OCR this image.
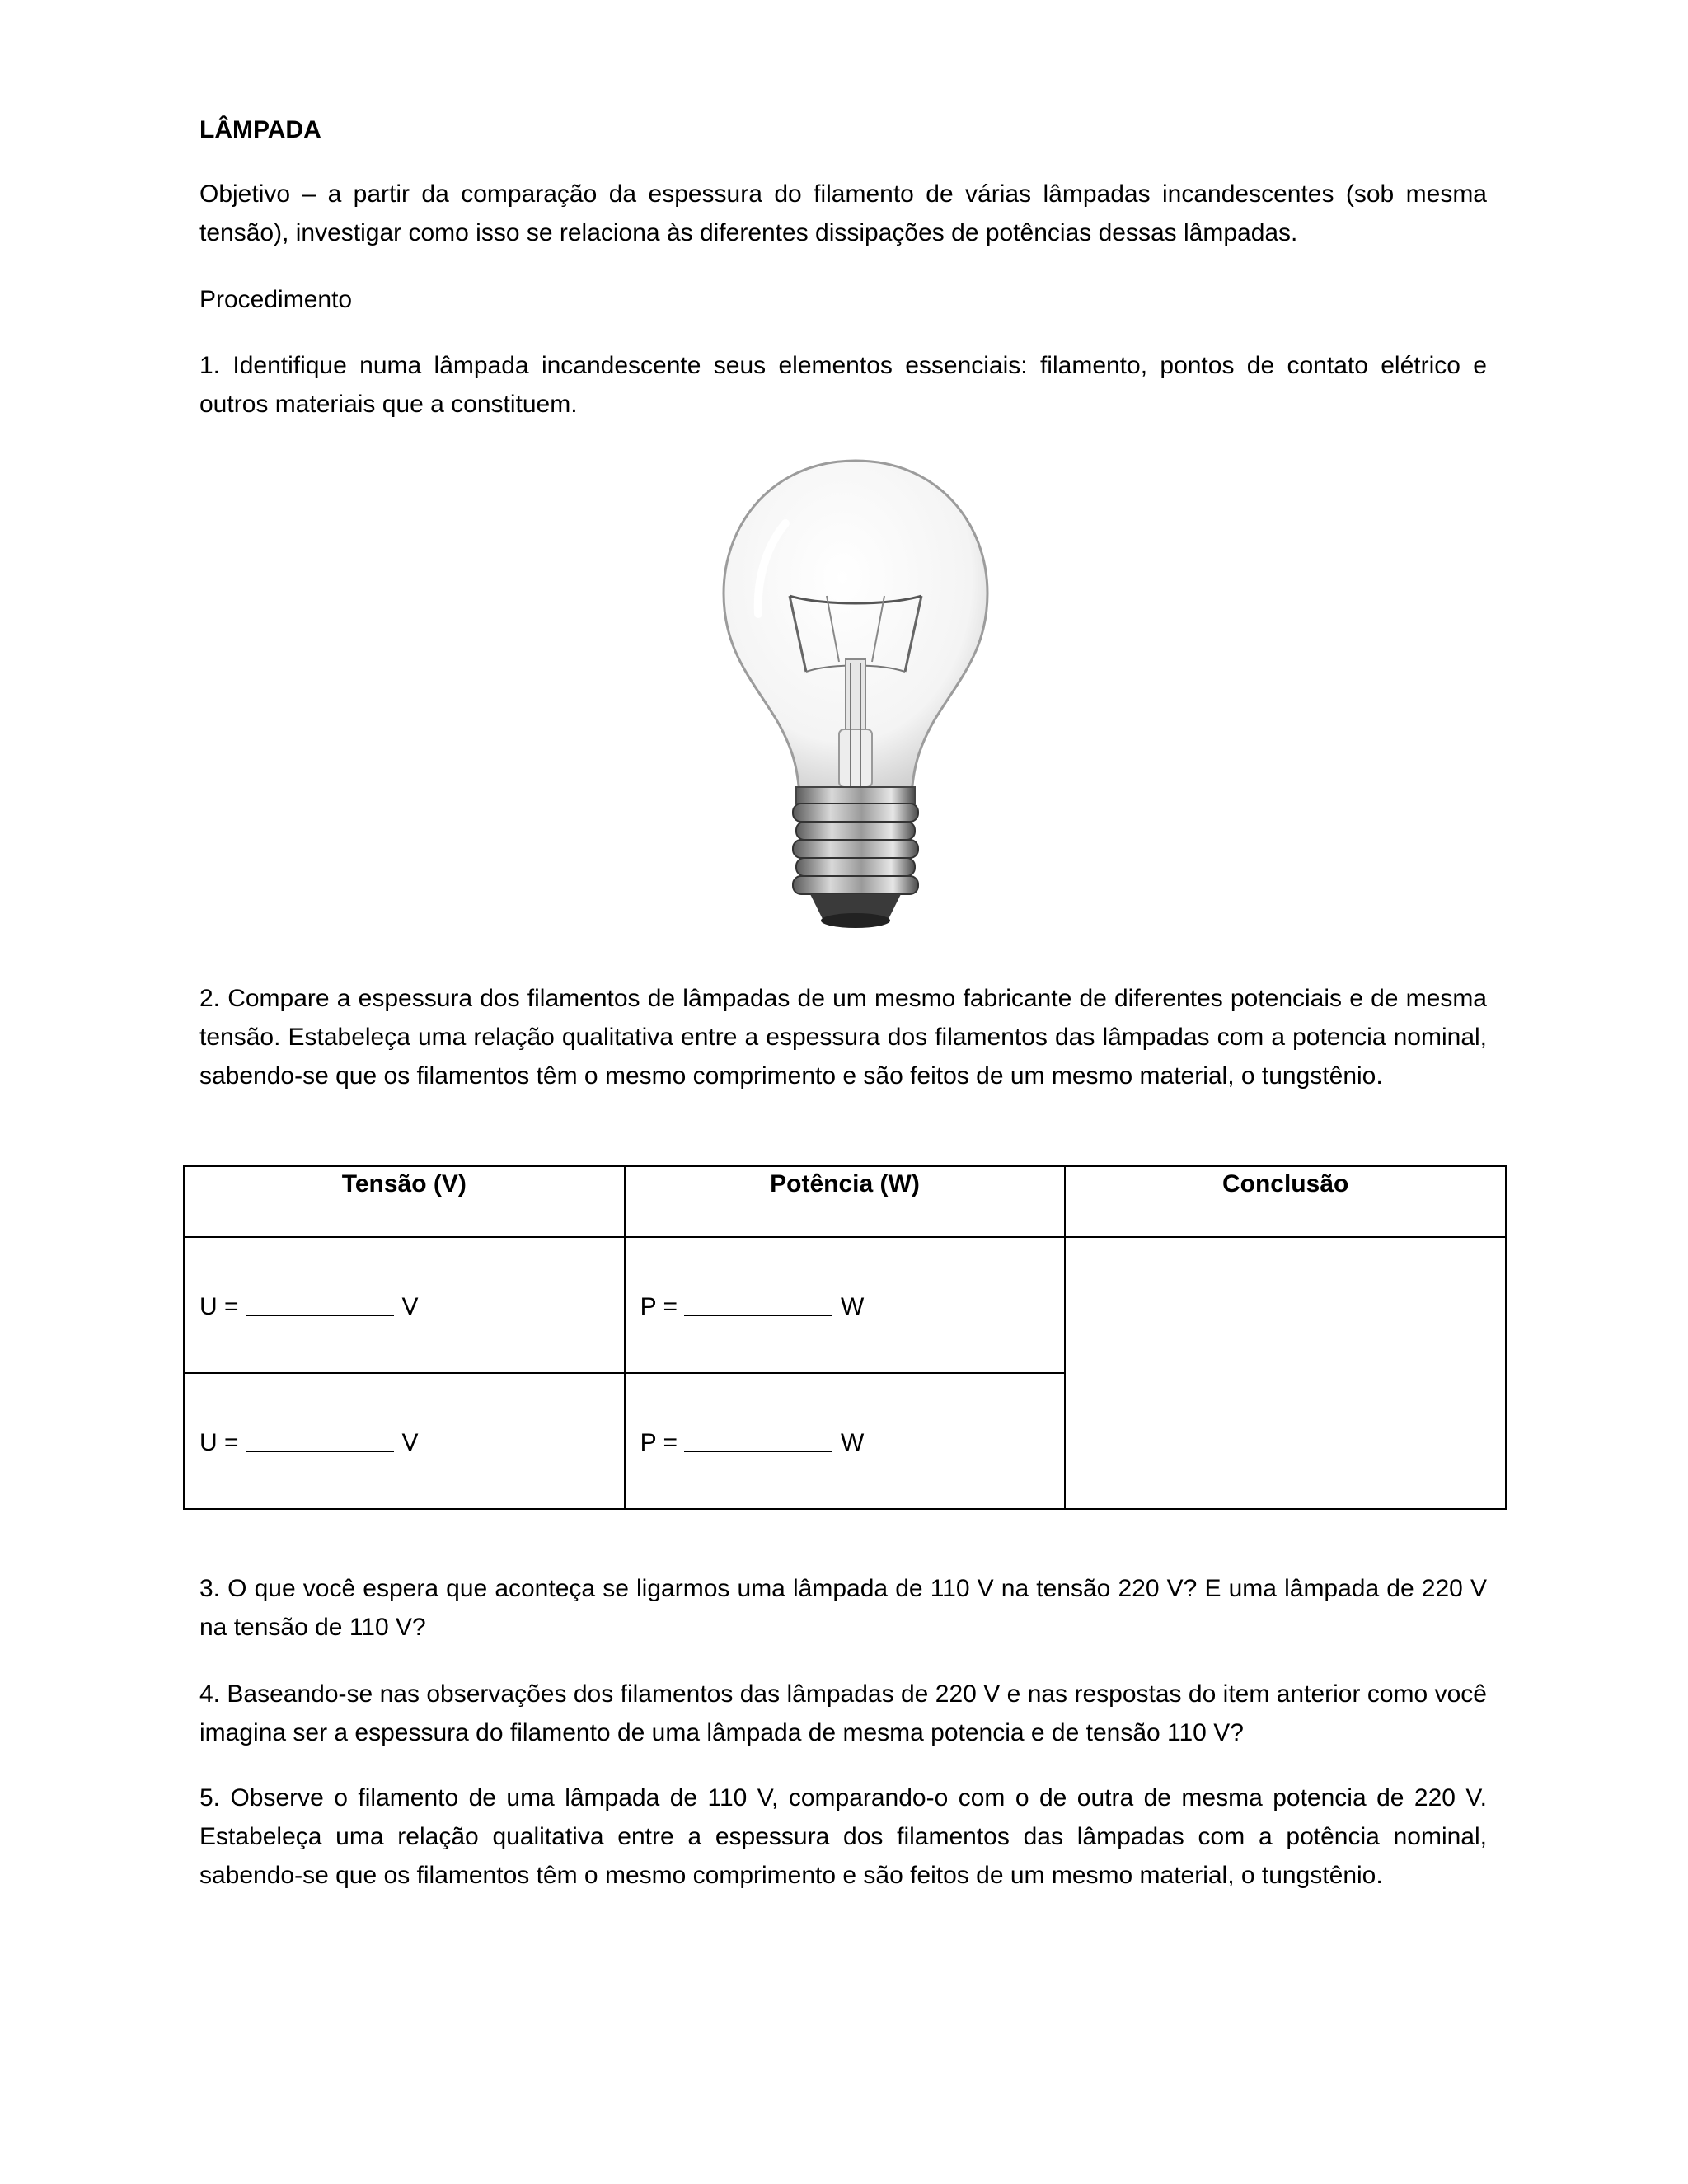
LÂMPADA

Objetivo – a partir da comparação da espessura do filamento de várias lâmpadas incandescentes (sob mesma tensão), investigar como isso se relaciona às diferentes dissipações de potências dessas lâmpadas.

Procedimento

1. Identifique numa lâmpada incandescente seus elementos essenciais: filamento, pontos de contato elétrico e outros materiais que a constituem.

2. Compare a espessura dos filamentos de lâmpadas de um mesmo fabricante de diferentes potenciais e de mesma tensão. Estabeleça uma relação qualitativa entre a espessura dos filamentos das lâmpadas com a potencia nominal, sabendo-se que os filamentos têm o mesmo comprimento e são feitos de um mesmo material, o tungstênio.

Tensão (V)	Potência (W)	Conclusão
U = V	P = W	
U = V	P = W	

3. O que você espera que aconteça se ligarmos uma lâmpada de 110 V na tensão 220 V? E uma lâmpada de 220 V na tensão de 110 V?

4. Baseando-se nas observações dos filamentos das lâmpadas de 220 V e nas respostas do item anterior como você imagina ser a espessura do filamento de uma lâmpada de mesma potencia e de tensão 110 V?

5. Observe o filamento de uma lâmpada de 110 V, comparando-o com o de outra de mesma potencia de 220 V. Estabeleça uma relação qualitativa entre a espessura dos filamentos das lâmpadas com a potência nominal, sabendo-se que os filamentos têm o mesmo comprimento e são feitos de um mesmo material, o tungstênio.
